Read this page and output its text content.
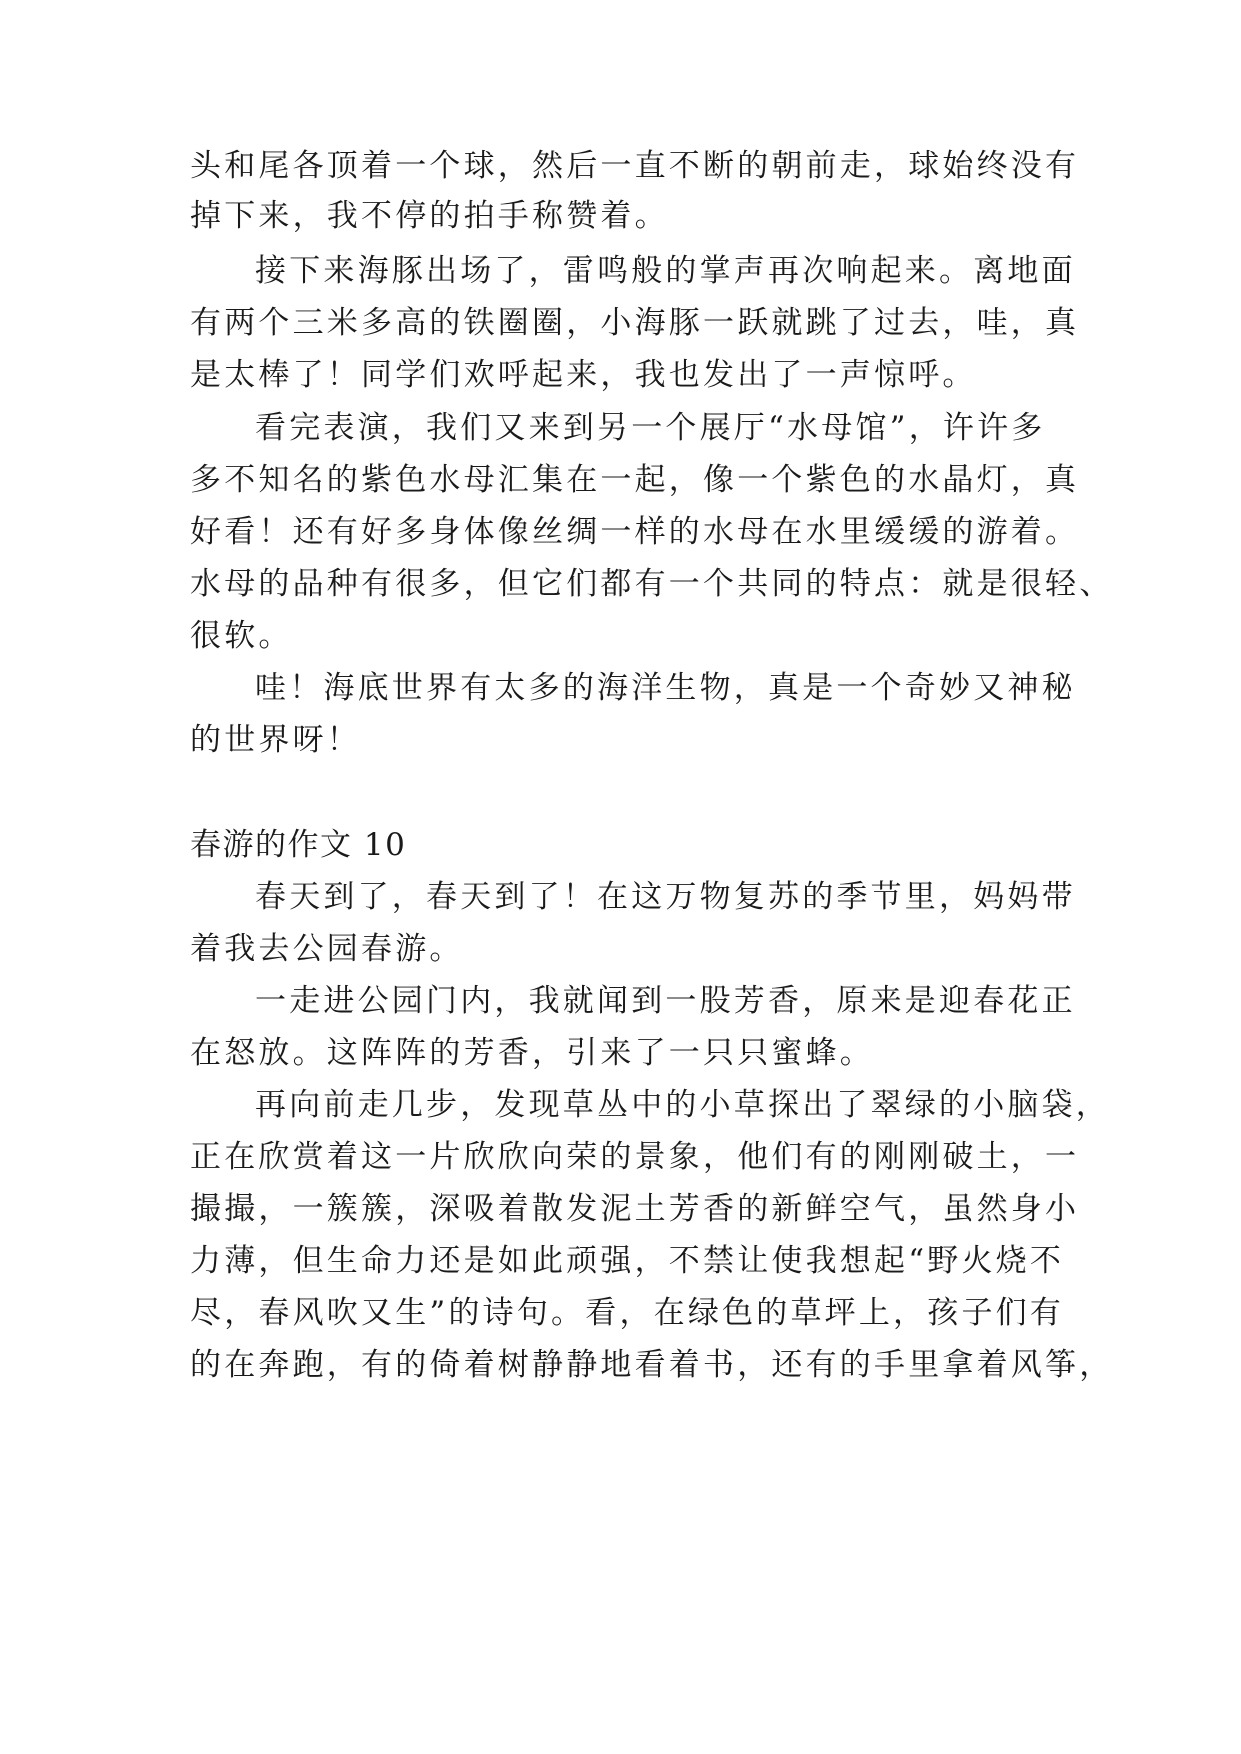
头和尾各顶着一个球，然后一直不断的朝前走，球始终没有
掉下来，我不停的拍手称赞着。
接下来海豚出场了，雷鸣般的掌声再次响起来。离地面
有两个三米多高的铁圈圈，小海豚一跃就跳了过去，哇，真
是太棒了！同学们欢呼起来，我也发出了一声惊呼。
看完表演，我们又来到另一个展厅“水母馆”，许许多
多不知名的紫色水母汇集在一起，像一个紫色的水晶灯，真
好看！还有好多身体像丝绸一样的水母在水里缓缓的游着。
水母的品种有很多，但它们都有一个共同的特点：就是很轻、
很软。
哇！海底世界有太多的海洋生物，真是一个奇妙又神秘
的世界呀！
春游的作文 10
春天到了，春天到了！在这万物复苏的季节里，妈妈带
着我去公园春游。
一走进公园门内，我就闻到一股芳香，原来是迎春花正
在怒放。这阵阵的芳香，引来了一只只蜜蜂。
再向前走几步，发现草丛中的小草探出了翠绿的小脑袋，
正在欣赏着这一片欣欣向荣的景象，他们有的刚刚破土，一
撮撮，一簇簇，深吸着散发泥土芳香的新鲜空气，虽然身小
力薄，但生命力还是如此顽强，不禁让使我想起“野火烧不
尽，春风吹又生”的诗句。看，在绿色的草坪上，孩子们有
的在奔跑，有的倚着树静静地看着书，还有的手里拿着风筝，
